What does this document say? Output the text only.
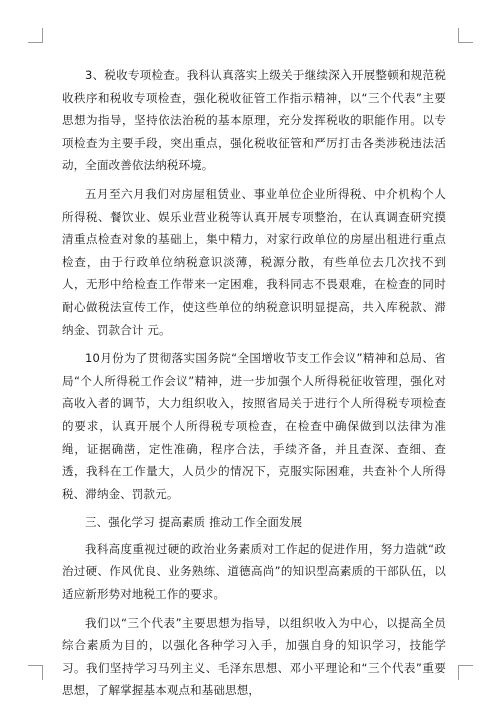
3、税收专项检查。我科认真落实上级关于继续深入开展整顿和规范税收秩序和税收专项检查，强化税收征管工作指示精神，以“三个代表”主要思想为指导，坚持依法治税的基本原理，充分发挥税收的职能作用。以专项检查为主要手段，突出重点，强化税收征管和严厉打击各类涉税违法活动，全面改善依法纳税环境。

五月至六月我们对房屋租赁业、事业单位企业所得税、中介机构个人所得税、餐饮业、娱乐业营业税等认真开展专项整治，在认真调查研究摸清重点检查对象的基础上，集中精力，对家行政单位的房屋出租进行重点检查，由于行政单位纳税意识淡薄，税源分散，有些单位去几次找不到人，无形中给检查工作带来一定困难，我科同志不畏艰难，在检查的同时耐心做税法宣传工作，使这些单位的纳税意识明显提高，共入库税款、滞纳金、罚款合计 元。

10月份为了贯彻落实国务院“全国增收节支工作会议”精神和总局、省局“个人所得税工作会议”精神，进一步加强个人所得税征收管理，强化对高收入者的调节，大力组织收入，按照省局关于进行个人所得税专项检查的要求，认真开展个人所得税专项检查，在检查中确保做到以法律为准绳，证据确凿，定性准确，程序合法，手续齐备，并且查深、查细、查透，我科在工作量大，人员少的情况下，克服实际困难，共查补个人所得税、滞纳金、罚款元。

三、强化学习 提高素质 推动工作全面发展

我科高度重视过硬的政治业务素质对工作起的促进作用，努力造就“政治过硬、作风优良、业务熟练、道德高尚”的知识型高素质的干部队伍，以适应新形势对地税工作的要求。

我们以“三个代表”主要思想为指导，以组织收入为中心，以提高全员综合素质为目的，以强化各种学习入手，加强自身的知识学习，技能学习。我们坚持学习马列主义、毛泽东思想、邓小平理论和“三个代表”重要思想，了解掌握基本观点和基础思想，
